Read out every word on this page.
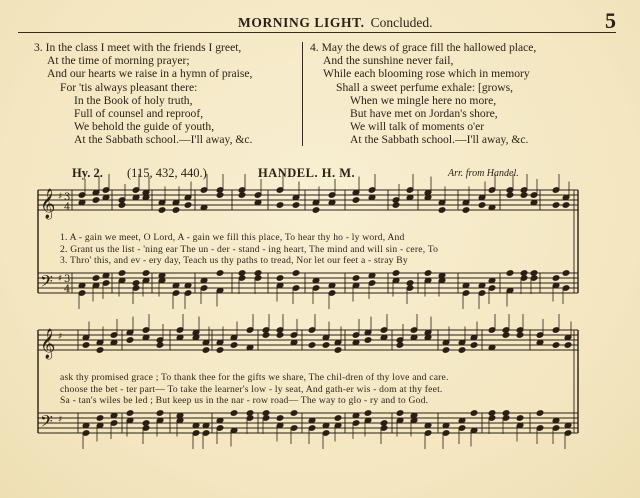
MORNING LIGHT. Concluded.	5
3. In the class I meet with the friends I greet,
At the time of morning prayer;
And our hearts we raise in a hymn of praise,
For 'tis always pleasant there:
In the Book of holy truth,
Full of counsel and reproof,
We behold the guide of youth,
At the Sabbath school.—I'll away, &c.
4. May the dews of grace fill the hallowed place,
And the sunshine never fail,
While each blooming rose which in memory
Shall a sweet perfume exhale: [grows,
When we mingle here no more,
But have met on Jordan's shore,
We will talk of moments o'er
At the Sabbath school.—I'll away, &c.
Hy. 2. (115, 432, 440.)	HANDEL. H. M.	Arr. from Handel.
𝄞
𝄢
𝄞
𝄢
♯
♯
♯
♯
3
4
3
4
1. A - gain we meet, O Lord, A - gain we fill this place, To hear thy ho - ly word, And
2. Grant us the list - 'ning ear The un - der - stand - ing heart, The mind and will sin - cere, To
3. Thro' this, and ev - ery day, Teach us thy paths to tread, Nor let our feet a - stray By
ask thy promised grace ; To thank thee for the gifts we share, The chil-dren of thy love and care.
choose the bet - ter part— To take the learner's low - ly seat, And gath-er wis - dom at thy feet.
Sa - tan's wiles be led ; But keep us in the nar - row road— The way to glo - ry and to God.
